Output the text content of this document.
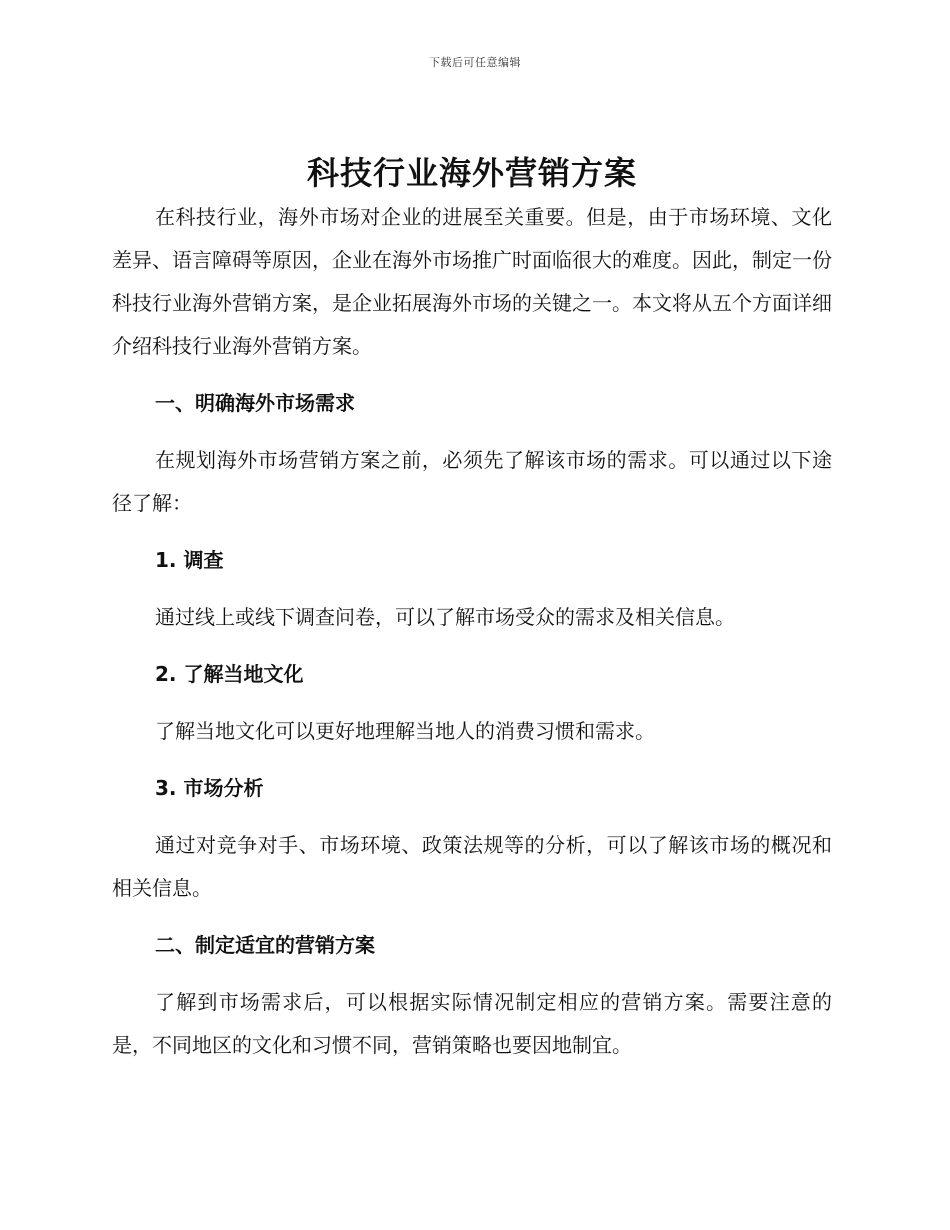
下载后可任意编辑
科技行业海外营销方案

在科技行业，海外市场对企业的进展至关重要。但是，由于市场环境、文化差异、语言障碍等原因，企业在海外市场推广时面临很大的难度。因此，制定一份科技行业海外营销方案，是企业拓展海外市场的关键之一。本文将从五个方面详细介绍科技行业海外营销方案。

一、明确海外市场需求

在规划海外市场营销方案之前，必须先了解该市场的需求。可以通过以下途径了解：

1. 调查

通过线上或线下调查问卷，可以了解市场受众的需求及相关信息。

2. 了解当地文化

了解当地文化可以更好地理解当地人的消费习惯和需求。

3. 市场分析

通过对竞争对手、市场环境、政策法规等的分析，可以了解该市场的概况和相关信息。

二、制定适宜的营销方案

了解到市场需求后，可以根据实际情况制定相应的营销方案。需要注意的是，不同地区的文化和习惯不同，营销策略也要因地制宜。
